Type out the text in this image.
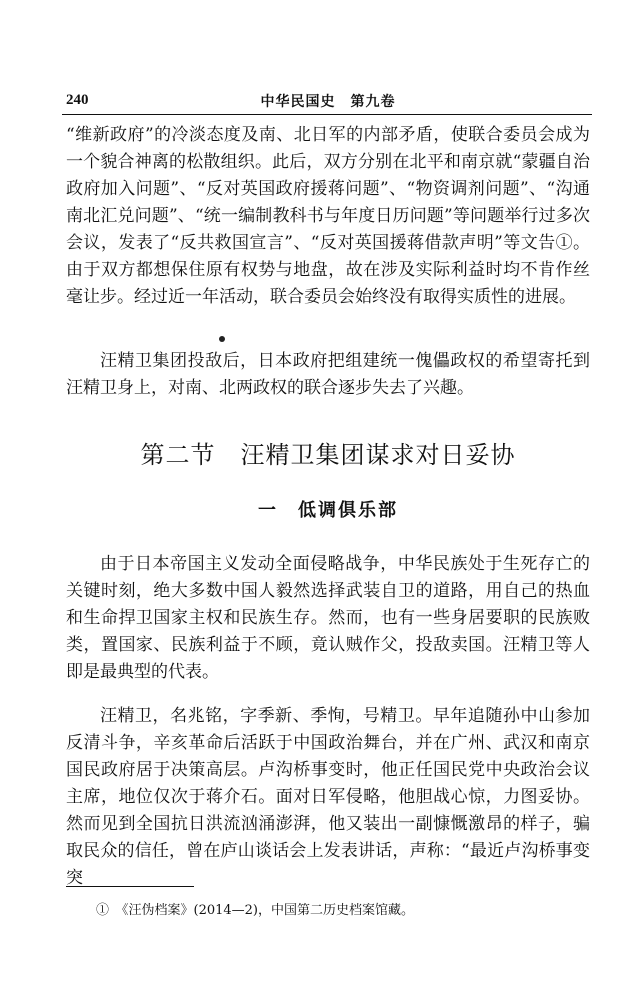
240	中华民国史　第九卷

“维新政府”的冷淡态度及南、北日军的内部矛盾，使联合委员会成为一个貌合神离的松散组织。此后，双方分别在北平和南京就“蒙疆自治政府加入问题”、“反对英国政府援蒋问题”、“物资调剂问题”、“沟通南北汇兑问题”、“统一编制教科书与年度日历问题”等问题举行过多次会议，发表了“反共救国宣言”、“反对英国援蒋借款声明”等文告①。由于双方都想保住原有权势与地盘，故在涉及实际利益时均不肯作丝毫让步。经过近一年活动，联合委员会始终没有取得实质性的进展。

汪精卫集团投敌后，日本政府把组建统一傀儡政权的希望寄托到汪精卫身上，对南、北两政权的联合逐步失去了兴趣。

第二节　汪精卫集团谋求对日妥协
一　低调俱乐部

由于日本帝国主义发动全面侵略战争，中华民族处于生死存亡的关键时刻，绝大多数中国人毅然选择武装自卫的道路，用自己的热血和生命捍卫国家主权和民族生存。然而，也有一些身居要职的民族败类，置国家、民族利益于不顾，竟认贼作父，投敌卖国。汪精卫等人即是最典型的代表。

汪精卫，名兆铭，字季新、季恂，号精卫。早年追随孙中山参加反清斗争，辛亥革命后活跃于中国政治舞台，并在广州、武汉和南京国民政府居于决策高层。卢沟桥事变时，他正任国民党中央政治会议主席，地位仅次于蒋介石。面对日军侵略，他胆战心惊，力图妥协。然而见到全国抗日洪流汹涌澎湃，他又装出一副慷慨激昂的样子，骗取民众的信任，曾在庐山谈话会上发表讲话，声称：“最近卢沟桥事变突

①　《汪伪档案》(2014—2)，中国第二历史档案馆藏。
